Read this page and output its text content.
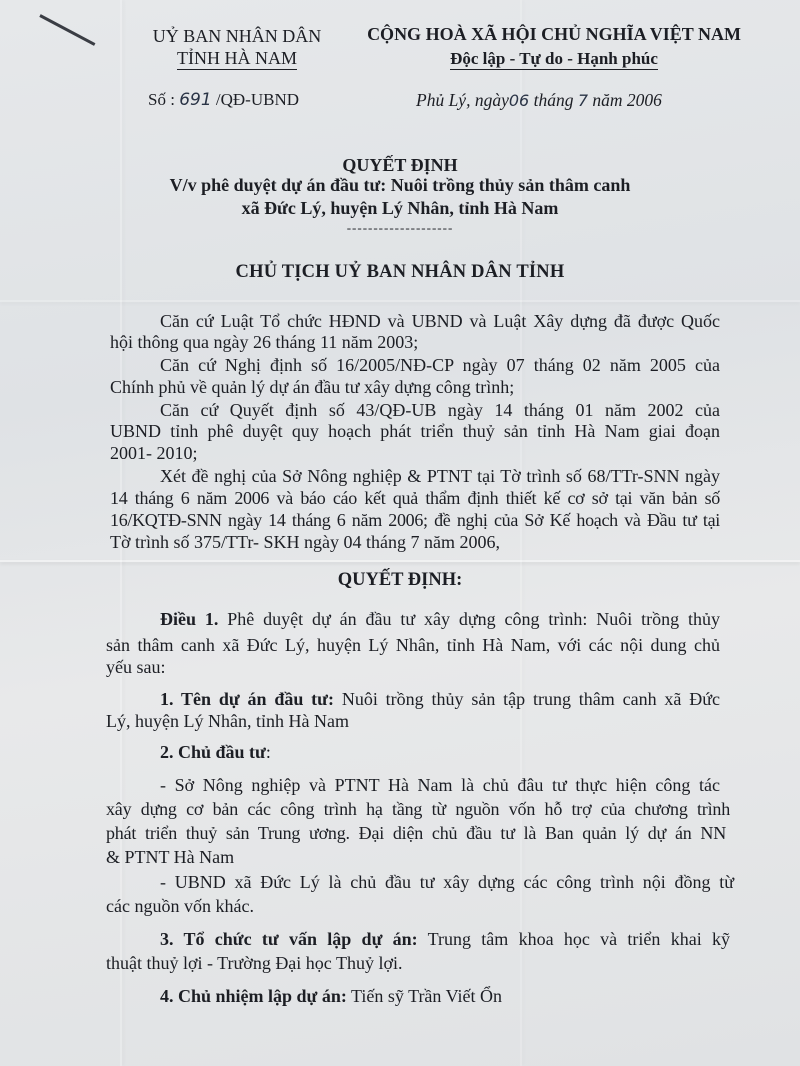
UỶ BAN NHÂN DÂN
TỈNH HÀ NAM
Số : 691 /QĐ-UBND
CỘNG HOÀ XÃ HỘI CHỦ NGHĨA VIỆT NAM
Độc lập - Tự do - Hạnh phúc
Phủ Lý, ngày06 tháng 7 năm 2006
QUYẾT ĐỊNH
V/v phê duyệt dự án đầu tư: Nuôi trồng thủy sản thâm canh
xã Đức Lý, huyện Lý Nhân, tỉnh Hà Nam
--------------------
CHỦ TỊCH UỶ BAN NHÂN DÂN TỈNH
Căn cứ Luật Tổ chức HĐND và UBND và Luật Xây dựng đã được Quốc
hội thông qua ngày 26 tháng 11 năm 2003;
Căn cứ Nghị định số 16/2005/NĐ-CP ngày 07 tháng 02 năm 2005 của
Chính phủ về quản lý dự án đầu tư xây dựng công trình;
Căn cứ Quyết định số 43/QĐ-UB ngày 14 tháng 01 năm 2002 của
UBND tỉnh phê duyệt quy hoạch phát triển thuỷ sản tỉnh Hà Nam giai đoạn
2001- 2010;
Xét đề nghị của Sở Nông nghiệp & PTNT tại Tờ trình số 68/TTr-SNN ngày
14 tháng 6 năm 2006 và báo cáo kết quả thẩm định thiết kế cơ sở tại văn bản số
16/KQTĐ-SNN ngày 14 tháng 6 năm 2006; đề nghị của Sở Kế hoạch và Đầu tư tại
Tờ trình số 375/TTr- SKH ngày 04 tháng 7 năm 2006,
QUYẾT ĐỊNH:
Điều 1. Phê duyệt dự án đầu tư xây dựng công trình: Nuôi trồng thủy
sản thâm canh xã Đức Lý, huyện Lý Nhân, tỉnh Hà Nam, với các nội dung chủ
yếu sau:
1. Tên dự án đầu tư: Nuôi trồng thủy sản tập trung thâm canh xã Đức
Lý, huyện Lý Nhân, tỉnh Hà Nam
2. Chủ đầu tư:
- Sở Nông nghiệp và PTNT Hà Nam là chủ đâu tư thực hiện công tác
xây dựng cơ bản các công trình hạ tầng từ nguồn vốn hỗ trợ của chương trình
phát triển thuỷ sản Trung ương. Đại diện chủ đầu tư là Ban quản lý dự án NN
& PTNT Hà Nam
- UBND xã Đức Lý là chủ đầu tư xây dựng các công trình nội đồng từ
các nguồn vốn khác.
3. Tổ chức tư vấn lập dự án: Trung tâm khoa học và triển khai kỹ
thuật thuỷ lợi - Trường Đại học Thuỷ lợi.
4. Chủ nhiệm lập dự án: Tiến sỹ Trần Viết Ổn
